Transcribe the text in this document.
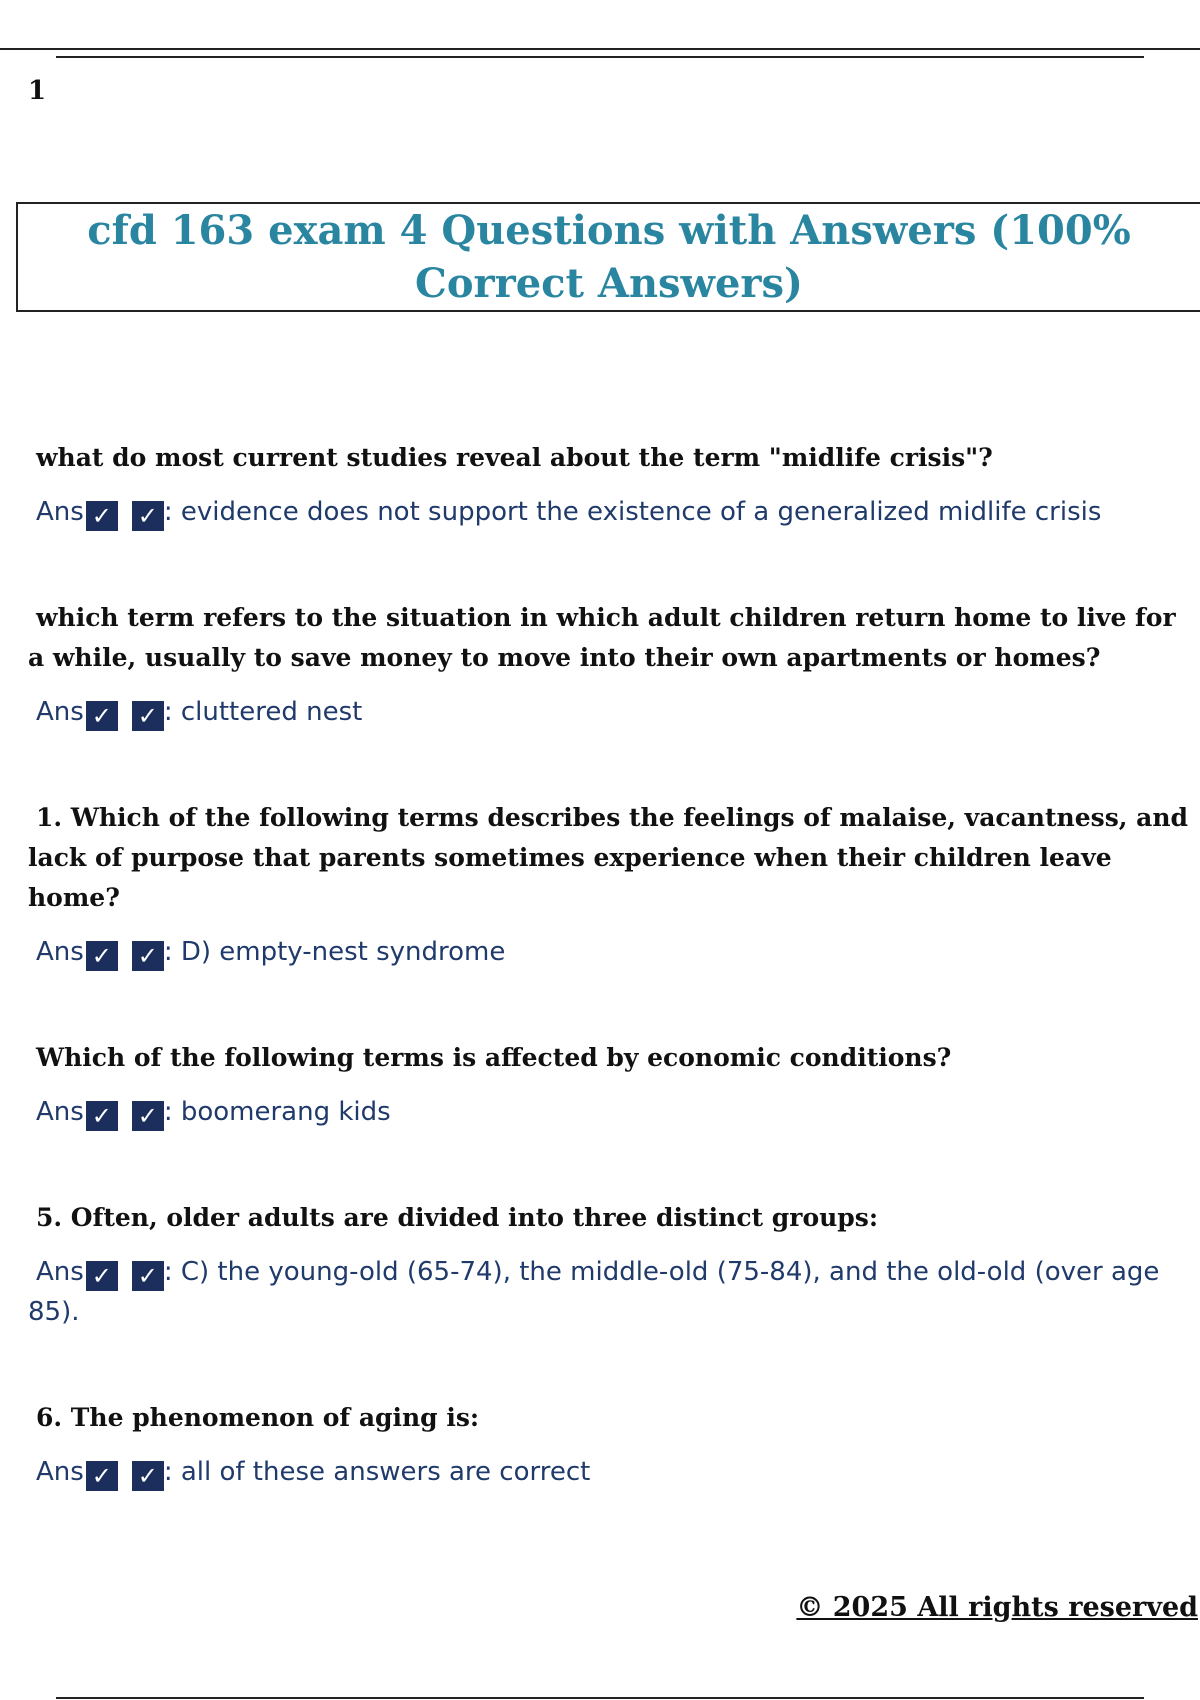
1
cfd 163 exam 4 Questions with Answers (100% Correct Answers)

what do most current studies reveal about the term "midlife crisis"?

Ans ✓ ✓ : evidence does not support the existence of a generalized midlife crisis

which term refers to the situation in which adult children return home to live for a while, usually to save money to move into their own apartments or homes?

Ans ✓ ✓ : cluttered nest

1. Which of the following terms describes the feelings of malaise, vacantness, and lack of purpose that parents sometimes experience when their children leave home?

Ans ✓ ✓ : D) empty-nest syndrome

Which of the following terms is affected by economic conditions?

Ans ✓ ✓ : boomerang kids

5. Often, older adults are divided into three distinct groups:

Ans ✓ ✓ : C) the young-old (65-74), the middle-old (75-84), and the old-old (over age 85).

6. The phenomenon of aging is:

Ans ✓ ✓ : all of these answers are correct

© 2025 All rights reserved
